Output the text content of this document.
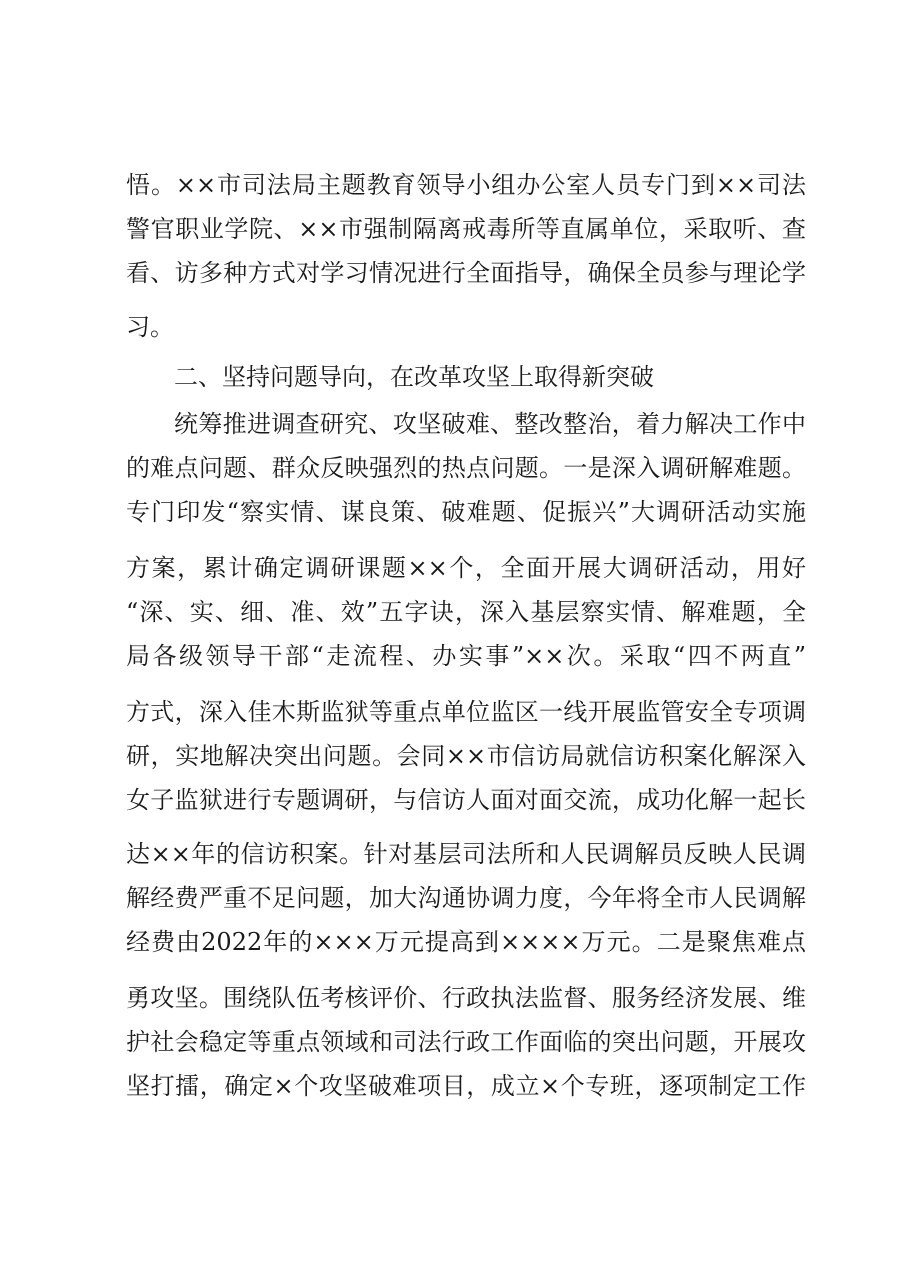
悟。××市司法局主题教育领导小组办公室人员专门到××司法
警官职业学院、××市强制隔离戒毒所等直属单位，采取听、查
看、访多种方式对学习情况进行全面指导，确保全员参与理论学
习。
二、坚持问题导向，在改革攻坚上取得新突破
统筹推进调查研究、攻坚破难、整改整治，着力解决工作中
的难点问题、群众反映强烈的热点问题。一是深入调研解难题。
专门印发“察实情、谋良策、破难题、促振兴”大调研活动实施
方案，累计确定调研课题××个，全面开展大调研活动，用好
“深、实、细、准、效”五字诀，深入基层察实情、解难题，全
局各级领导干部“走流程、办实事”××次。采取“四不两直”
方式，深入佳木斯监狱等重点单位监区一线开展监管安全专项调
研，实地解决突出问题。会同××市信访局就信访积案化解深入
女子监狱进行专题调研，与信访人面对面交流，成功化解一起长
达××年的信访积案。针对基层司法所和人民调解员反映人民调
解经费严重不足问题，加大沟通协调力度，今年将全市人民调解
经费由2022年的×××万元提高到××××万元。二是聚焦难点
勇攻坚。围绕队伍考核评价、行政执法监督、服务经济发展、维
护社会稳定等重点领域和司法行政工作面临的突出问题，开展攻
坚打擂，确定×个攻坚破难项目，成立×个专班，逐项制定工作
